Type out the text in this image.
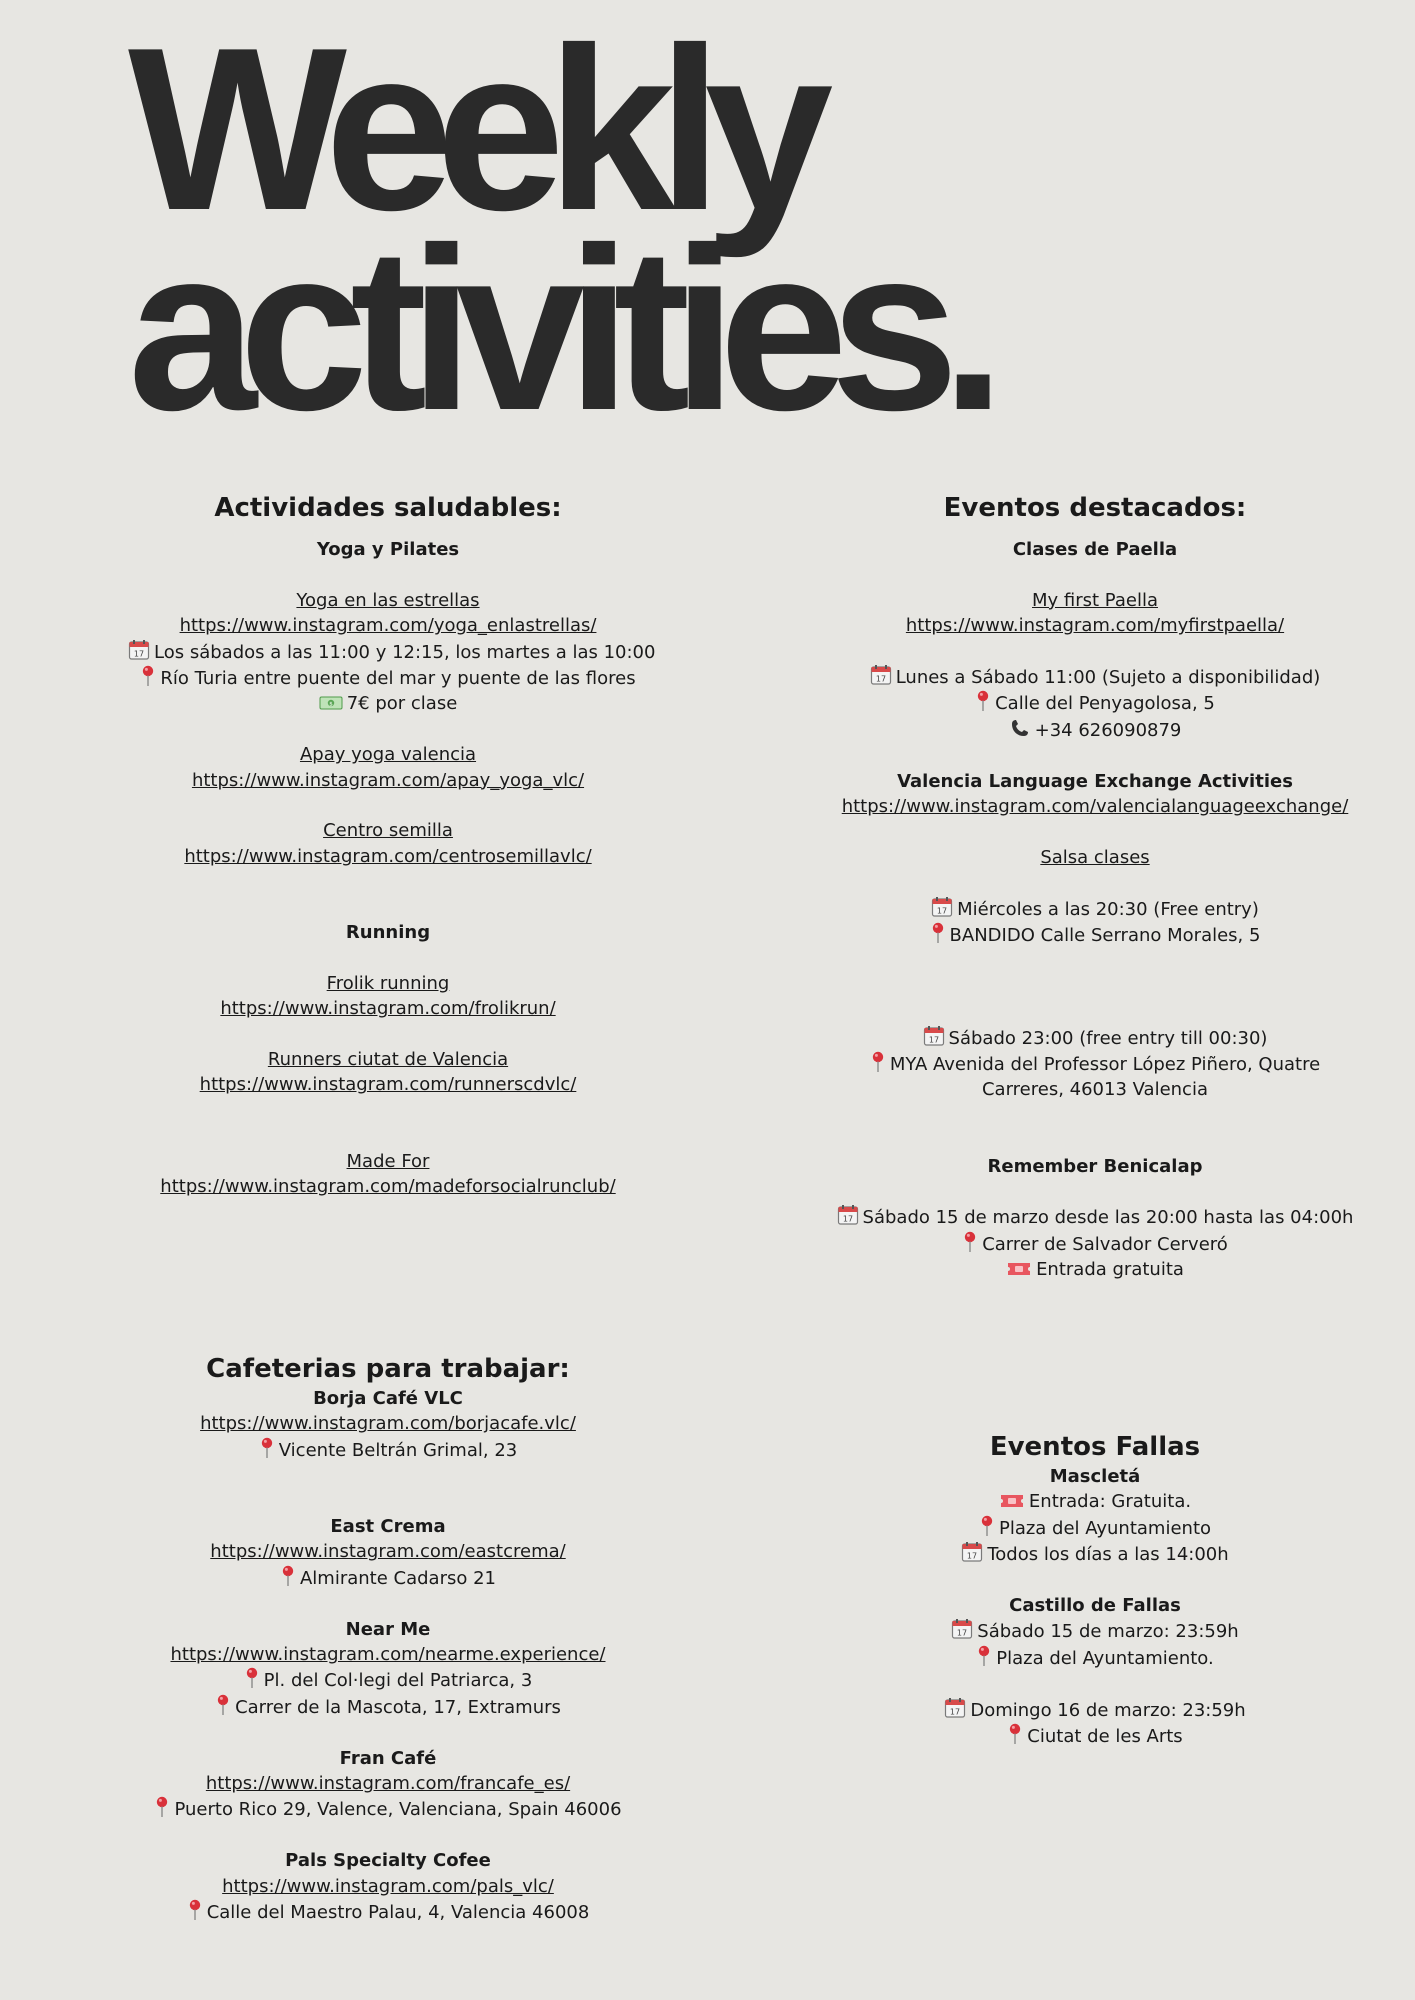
Weekly
activities.

Actividades saludables:

Yoga y Pilates

Yoga en las estrellas

https://www.instagram.com/yoga_enlastrellas/

Los sábados a las 11:00 y 12:15, los martes a las 10:00

Río Turia entre puente del mar y puente de las flores

7€ por clase

Apay yoga valencia

https://www.instagram.com/apay_yoga_vlc/

Centro semilla

https://www.instagram.com/centrosemillavlc/

Running

Frolik running

https://www.instagram.com/frolikrun/

Runners ciutat de Valencia

https://www.instagram.com/runnerscdvlc/

Made For

https://www.instagram.com/madeforsocialrunclub/

Cafeterias para trabajar:

Borja Café VLC

https://www.instagram.com/borjacafe.vlc/

Vicente Beltrán Grimal, 23

East Crema

https://www.instagram.com/eastcrema/

Almirante Cadarso 21

Near Me

https://www.instagram.com/nearme.experience/

Pl. del Col·legi del Patriarca, 3

Carrer de la Mascota, 17, Extramurs

Fran Café

https://www.instagram.com/francafe_es/

Puerto Rico 29, Valence, Valenciana, Spain 46006

Pals Specialty Cofee

https://www.instagram.com/pals_vlc/

Calle del Maestro Palau, 4, Valencia 46008

Eventos destacados:

Clases de Paella

My first Paella

https://www.instagram.com/myfirstpaella/

Lunes a Sábado 11:00 (Sujeto a disponibilidad)

Calle del Penyagolosa, 5

+34 626090879

Valencia Language Exchange Activities

https://www.instagram.com/valencialanguageexchange/

Salsa clases

Miércoles a las 20:30 (Free entry)

BANDIDO Calle Serrano Morales, 5

Sábado 23:00 (free entry till 00:30)

MYA Avenida del Professor López Piñero, Quatre

Carreres, 46013 Valencia

Remember Benicalap

Sábado 15 de marzo desde las 20:00 hasta las 04:00h

Carrer de Salvador Cerveró

Entrada gratuita

Eventos Fallas

Mascletá

Entrada: Gratuita.

Plaza del Ayuntamiento

Todos los días a las 14:00h

Castillo de Fallas

Sábado 15 de marzo: 23:59h

Plaza del Ayuntamiento.

Domingo 16 de marzo: 23:59h

Ciutat de les Arts
